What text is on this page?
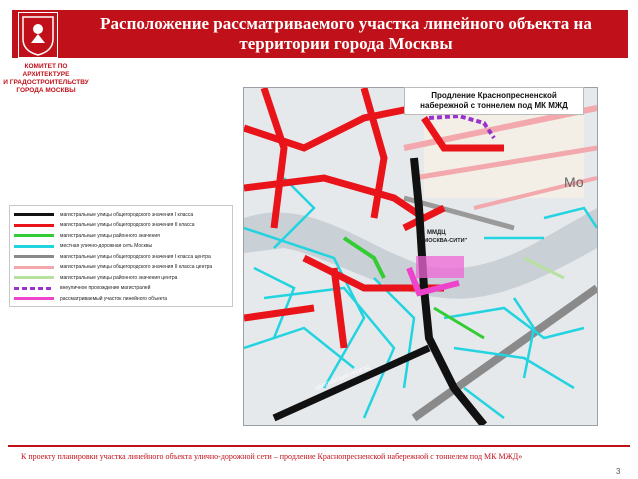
Расположение рассматриваемого участка линейного объекта на территории города Москвы
КОМИТЕТ ПО АРХИТЕКТУРЕ
И ГРАДОСТРОИТЕЛЬСТВУ
ГОРОДА МОСКВЫ
ММДЦ
"МОСКВА-СИТИ"
Мо
ШМИТОВСКИЙ ПРОЕЗД
Продление Краснопресненской
набережной с тоннелем под МК МЖД
магистральные улицы общегородского значения I класса
магистральные улицы общегородского значения II класса
магистральные улицы районного значения
местная улично-дорожная сеть Москвы
магистральные улицы общегородского значения I класса центра
магистральные улицы общегородского значения II класса центра
магистральные улицы районного значения центра
внеуличное прохождение магистралей
рассматриваемый участок линейного объекта
К проекту планировки участка линейного объекта улично-дорожной сети – продление Краснопресненской набережной с тоннелем под МК МЖД»
3
